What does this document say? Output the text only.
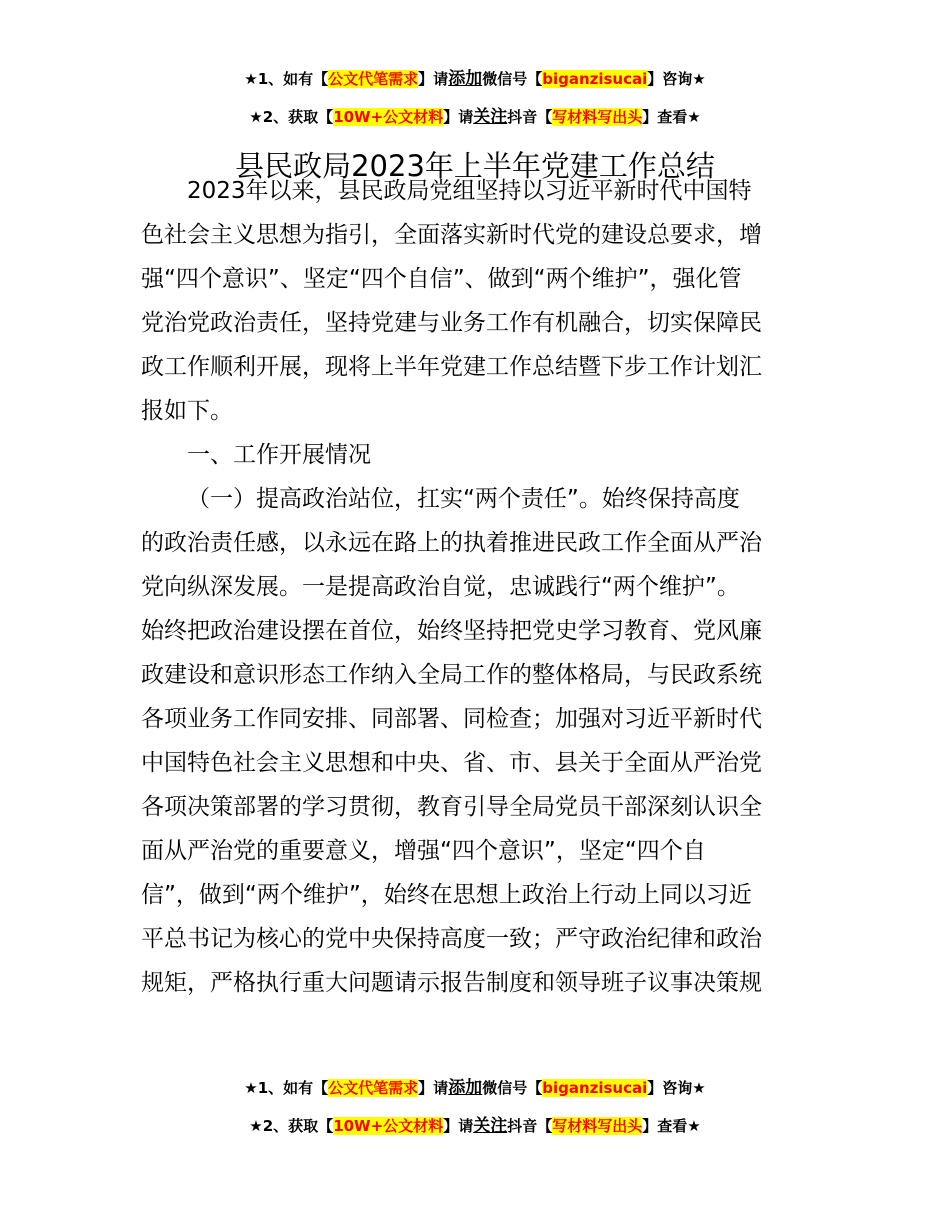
★1、如有【公文代笔需求】请添加微信号【biganzisucai】咨询★
★2、获取【10W+公文材料】请关注抖音【写材料写出头】查看★
县民政局2023年上半年党建工作总结
2023年以来，县民政局党组坚持以习近平新时代中国特
色社会主义思想为指引，全面落实新时代党的建设总要求，增
强“四个意识”、坚定“四个自信”、做到“两个维护”，强化管
党治党政治责任，坚持党建与业务工作有机融合，切实保障民
政工作顺利开展，现将上半年党建工作总结暨下步工作计划汇
报如下。
一、工作开展情况
（一）提高政治站位，扛实“两个责任”。始终保持高度
的政治责任感，以永远在路上的执着推进民政工作全面从严治
党向纵深发展。一是提高政治自觉，忠诚践行“两个维护”。
始终把政治建设摆在首位，始终坚持把党史学习教育、党风廉
政建设和意识形态工作纳入全局工作的整体格局，与民政系统
各项业务工作同安排、同部署、同检查；加强对习近平新时代
中国特色社会主义思想和中央、省、市、县关于全面从严治党
各项决策部署的学习贯彻，教育引导全局党员干部深刻认识全
面从严治党的重要意义，增强“四个意识”，坚定“四个自
信”，做到“两个维护”，始终在思想上政治上行动上同以习近
平总书记为核心的党中央保持高度一致；严守政治纪律和政治
规矩，严格执行重大问题请示报告制度和领导班子议事决策规
★1、如有【公文代笔需求】请添加微信号【biganzisucai】咨询★
★2、获取【10W+公文材料】请关注抖音【写材料写出头】查看★
